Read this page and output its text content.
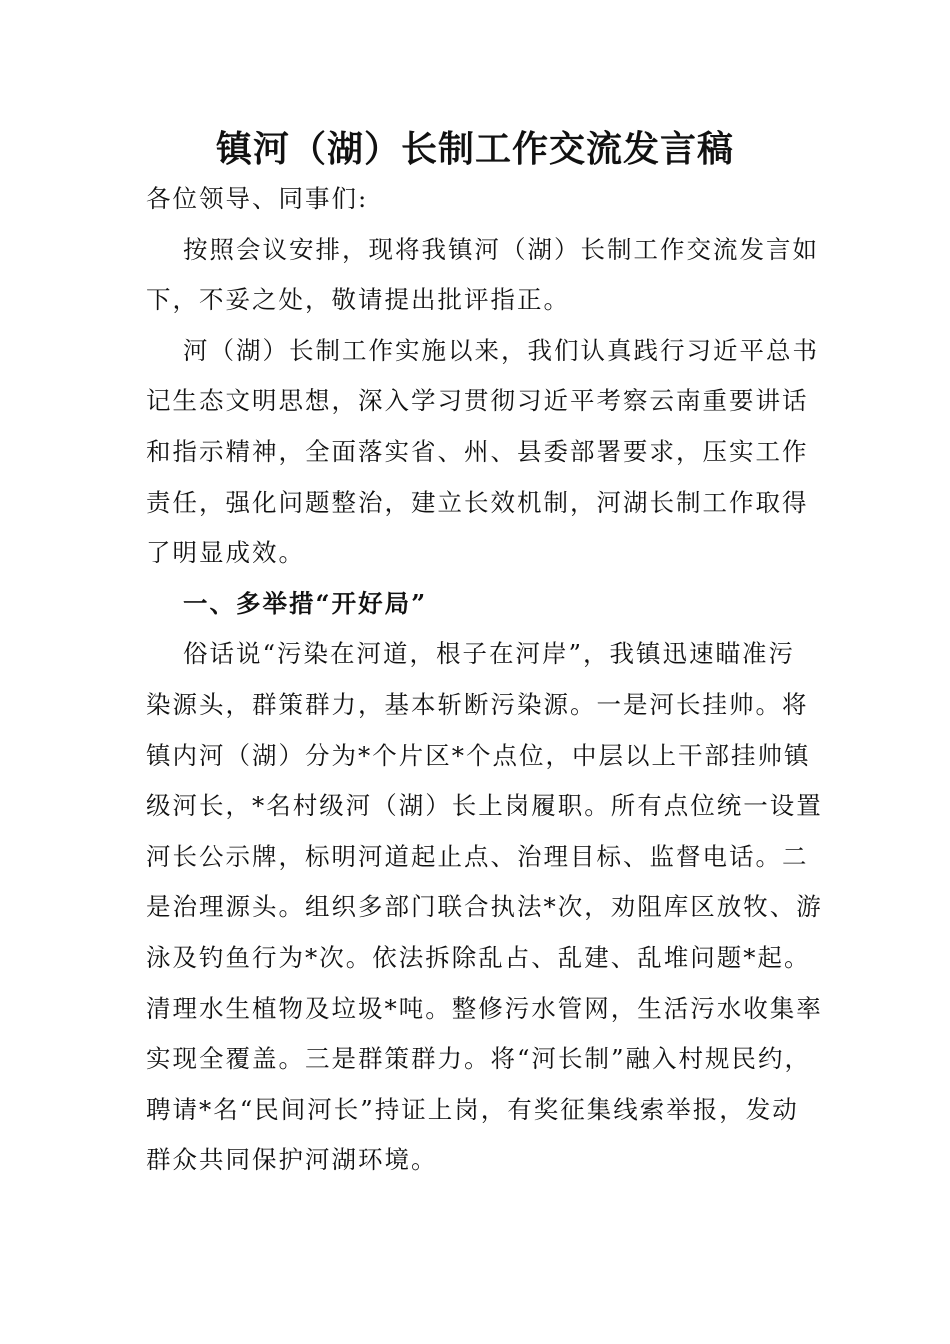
镇河（湖）长制工作交流发言稿
各位领导、同事们:
按照会议安排，现将我镇河（湖）长制工作交流发言如
下，不妥之处，敬请提出批评指正。
河（湖）长制工作实施以来，我们认真践行习近平总书
记生态文明思想，深入学习贯彻习近平考察云南重要讲话
和指示精神，全面落实省、州、县委部署要求，压实工作
责任，强化问题整治，建立长效机制，河湖长制工作取得
了明显成效。
一、多举措“开好局”
俗话说“污染在河道，根子在河岸”，我镇迅速瞄准污
染源头，群策群力，基本斩断污染源。一是河长挂帅。将
镇内河（湖）分为*个片区*个点位，中层以上干部挂帅镇
级河长，*名村级河（湖）长上岗履职。所有点位统一设置
河长公示牌，标明河道起止点、治理目标、监督电话。二
是治理源头。组织多部门联合执法*次，劝阻库区放牧、游
泳及钓鱼行为*次。依法拆除乱占、乱建、乱堆问题*起。
清理水生植物及垃圾*吨。整修污水管网，生活污水收集率
实现全覆盖。三是群策群力。将“河长制”融入村规民约，
聘请*名“民间河长”持证上岗，有奖征集线索举报，发动
群众共同保护河湖环境。
